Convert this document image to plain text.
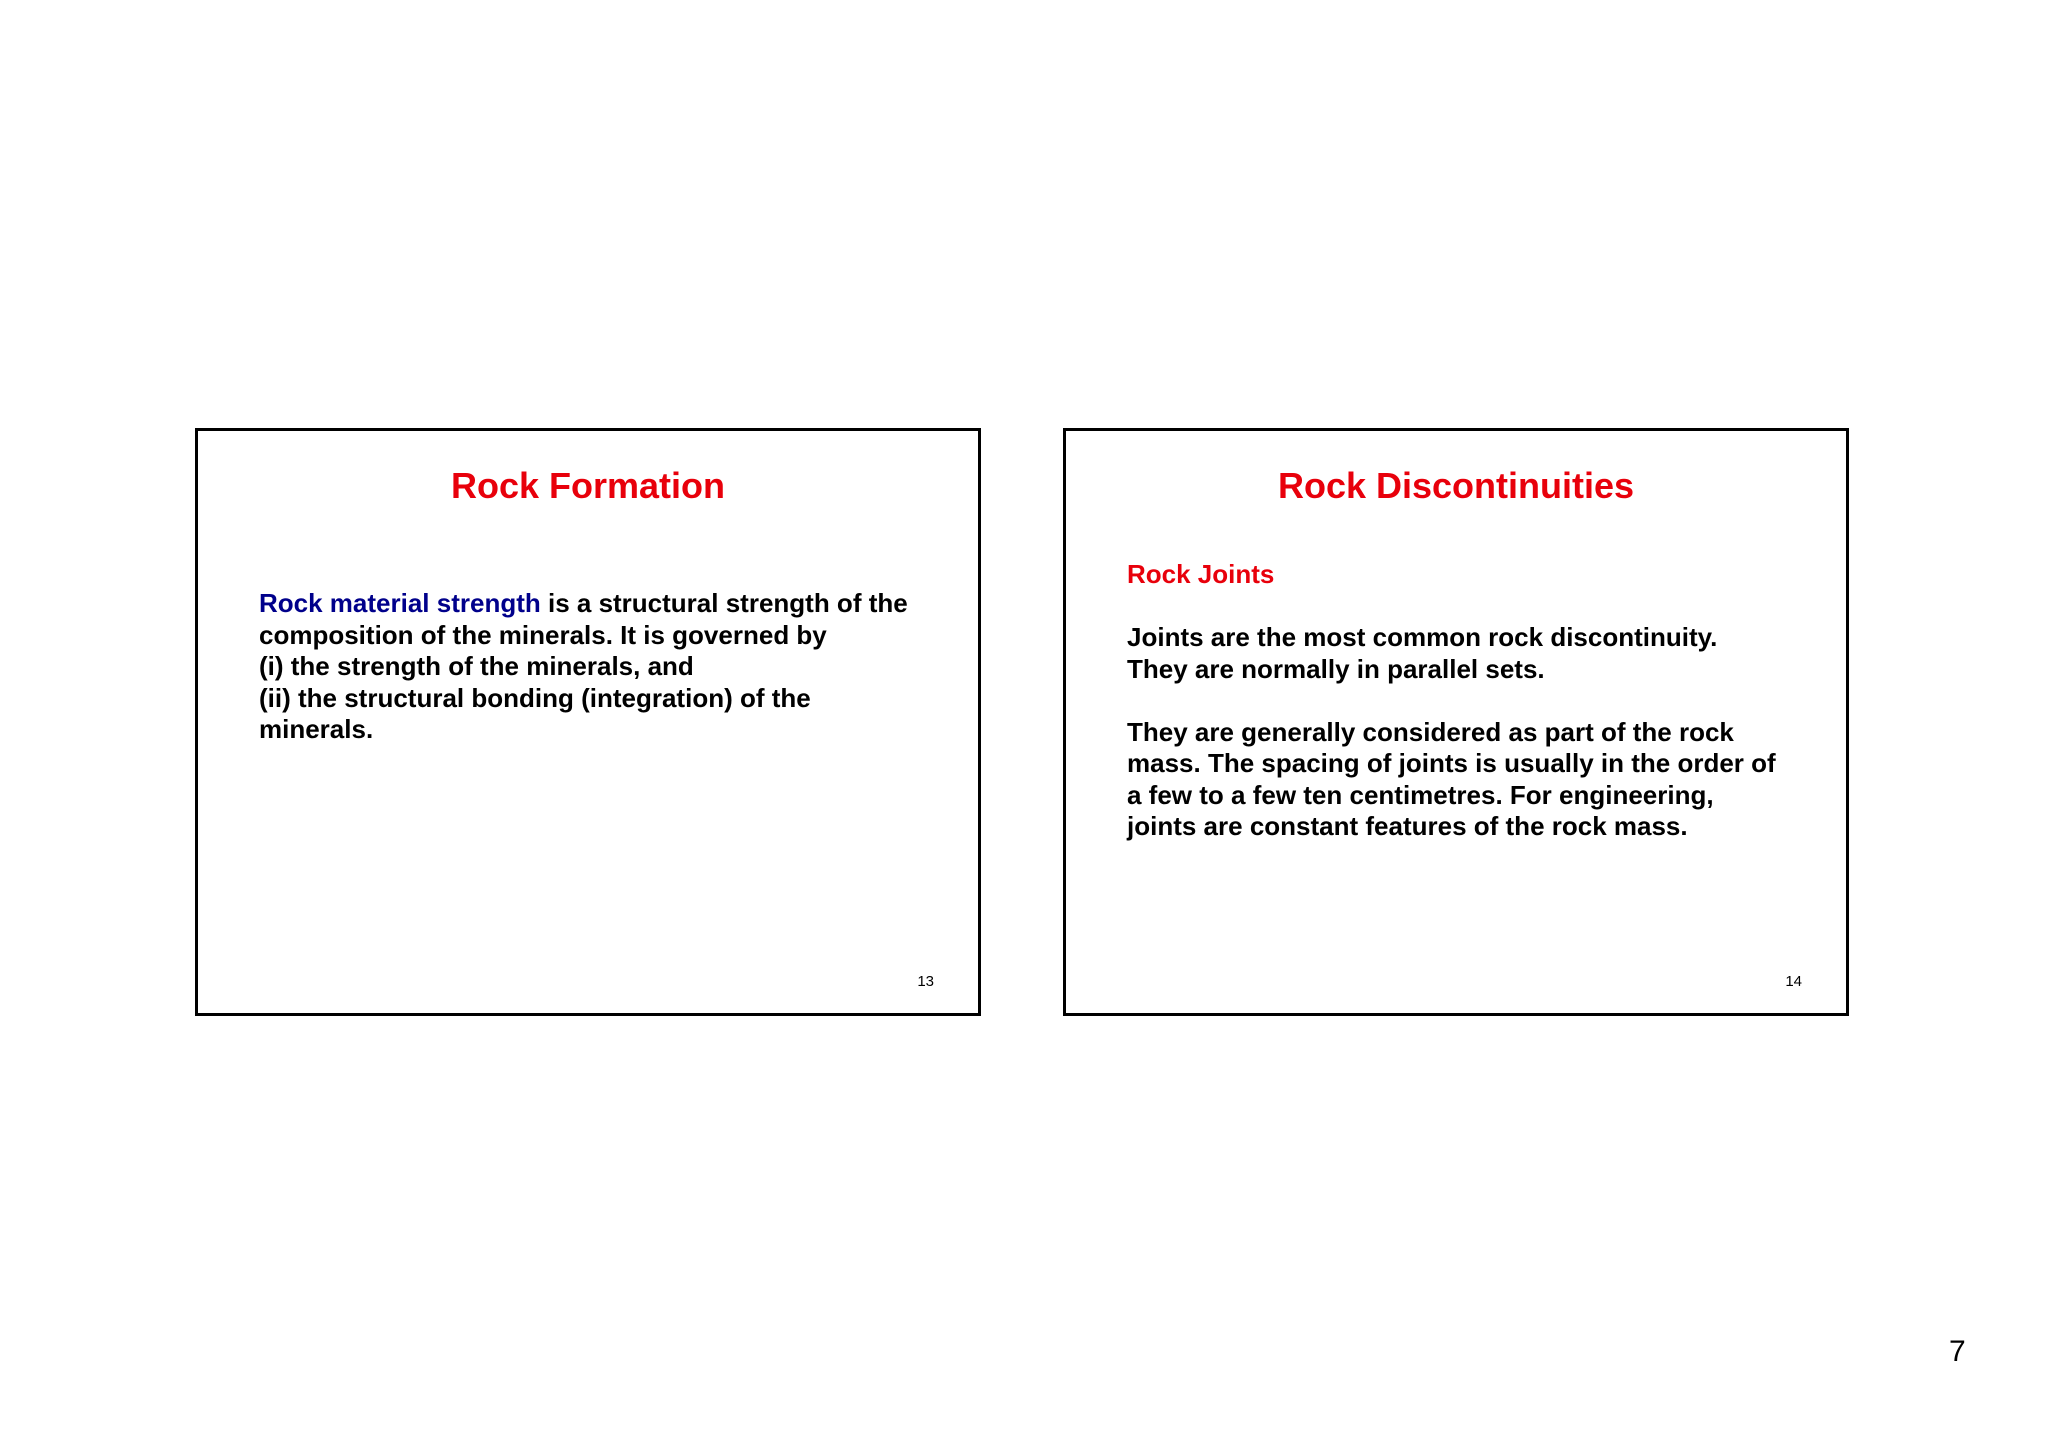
Rock Formation
Rock material strength is a structural strength of the
composition of the minerals. It is governed by
(i) the strength of the minerals, and
(ii) the structural bonding (integration) of the
minerals.
13
Rock Discontinuities
Rock Joints
Joints are the most common rock discontinuity.
They are normally in parallel sets.
They are generally considered as part of the rock
mass. The spacing of joints is usually in the order of
a few to a few ten centimetres. For engineering,
joints are constant features of the rock mass.
14
7
